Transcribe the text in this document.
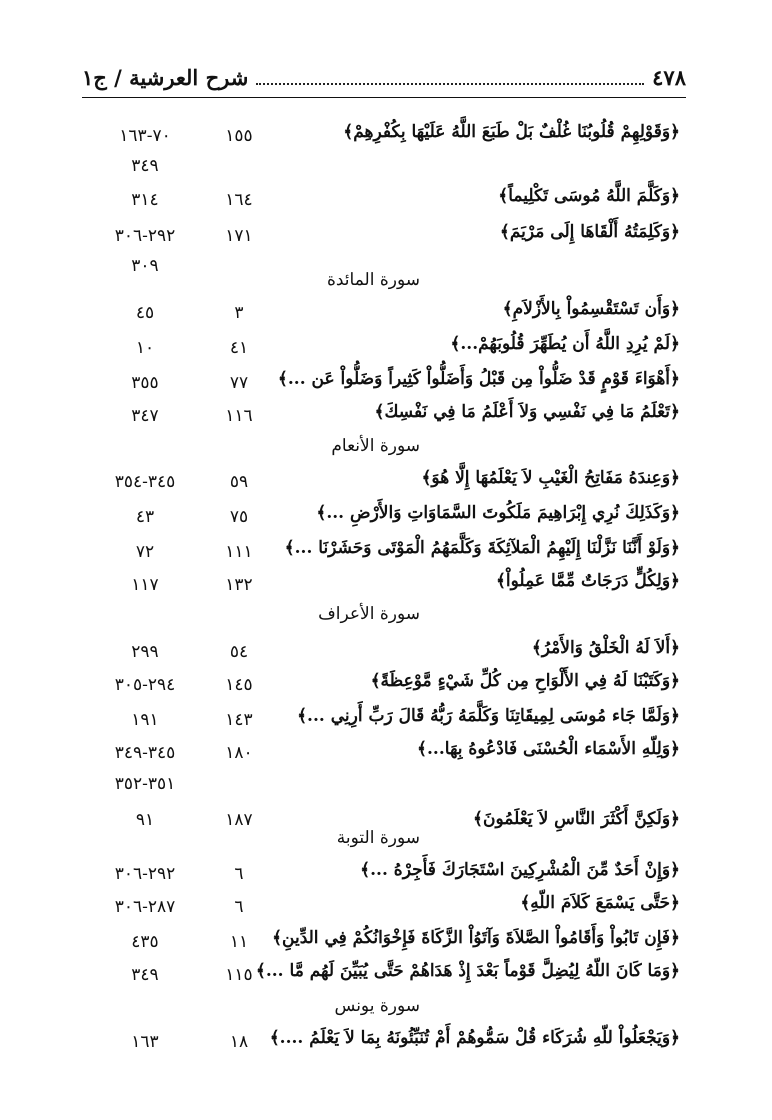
٤٧٨
شرح العرشية / ج١
﴿وَقَوْلِهِمْ قُلُوبُنَا غُلْفٌ بَلْ طَبَعَ اللَّهُ عَلَيْهَا بِكُفْرِهِمْ﴾
١٥٥
٧٠-١٦٣
٣٤٩
﴿وَكَلَّمَ اللَّهُ مُوسَى تَكْلِيماً﴾
١٦٤
٣١٤
﴿وَكَلِمَتُهُ أَلْقَاهَا إِلَى مَرْيَمَ﴾
١٧١
٢٩٢-٣٠٦
٣٠٩
سورة المائدة
﴿وَأَن تَسْتَقْسِمُواْ بِالأَزْلاَمِ﴾
٣
٤٥
﴿لَمْ يُرِدِ اللَّهُ أَن يُطَهِّرَ قُلُوبَهُمْ...﴾
٤١
١٠
﴿أَهْوَاءَ قَوْمٍ قَدْ ضَلُّواْ مِن قَبْلُ وَأَضَلُّواْ كَثِيراً وَضَلُّواْ عَن ...﴾
٧٧
٣٥٥
﴿تَعْلَمُ مَا فِي نَفْسِي وَلاَ أَعْلَمُ مَا فِي نَفْسِكَ﴾
١١٦
٣٤٧
سورة الأنعام
﴿وَعِندَهُ مَفَاتِحُ الْغَيْبِ لاَ يَعْلَمُهَا إِلَّا هُوَ﴾
٥٩
٣٤٥-٣٥٤
﴿وَكَذَلِكَ نُرِي إِبْرَاهِيمَ مَلَكُوتَ السَّمَاوَاتِ وَالأَرْضِ ...﴾
٧٥
٤٣
﴿وَلَوْ أَنَّنَا نَزَّلْنَا إِلَيْهِمُ الْمَلآئِكَةَ وَكَلَّمَهُمُ الْمَوْتَى وَحَشَرْنَا ...﴾
١١١
٧٢
﴿وَلِكُلٍّ دَرَجَاتٌ مِّمَّا عَمِلُواْ﴾
١٣٢
١١٧
سورة الأعراف
﴿أَلاَ لَهُ الْخَلْقُ وَالأَمْرُ﴾
٥٤
٢٩٩
﴿وَكَتَبْنَا لَهُ فِي الأَلْوَاحِ مِن كُلِّ شَيْءٍ مَّوْعِظَةً﴾
١٤٥
٢٩٤-٣٠٥
﴿وَلَمَّا جَاء مُوسَى لِمِيقَاتِنَا وَكَلَّمَهُ رَبُّهُ قَالَ رَبِّ أَرِنِي ...﴾
١٤٣
١٩١
﴿وَلِلّهِ الأَسْمَاء الْحُسْنَى فَادْعُوهُ بِهَا...﴾
١٨٠
٣٤٥-٣٤٩
٣٥١-٣٥٢
﴿وَلَكِنَّ أَكْثَرَ النَّاسِ لاَ يَعْلَمُونَ﴾
١٨٧
٩١
سورة التوبة
﴿وَإِنْ أَحَدٌ مِّنَ الْمُشْرِكِينَ اسْتَجَارَكَ فَأَجِرْهُ ...﴾
٦
٢٩٢-٣٠٦
﴿حَتَّى يَسْمَعَ كَلاَمَ اللّهِ﴾
٦
٢٨٧-٣٠٦
﴿فَإِن تَابُواْ وَأَقَامُواْ الصَّلاَةَ وَآتَوُاْ الزَّكَاةَ فَإِخْوَانُكُمْ فِي الدِّينِ﴾
١١
٤٣٥
﴿وَمَا كَانَ اللّهُ لِيُضِلَّ قَوْماً بَعْدَ إِذْ هَدَاهُمْ حَتَّى يُبَيِّنَ لَهُم مَّا ...﴾
١١٥
٣٤٩
سورة يونس
﴿وَيَجْعَلُواْ للّهِ شُرَكَاء قُلْ سَمُّوهُمْ أَمْ تُنَبِّئُونَهُ بِمَا لاَ يَعْلَمُ ....﴾
١٨
١٦٣
